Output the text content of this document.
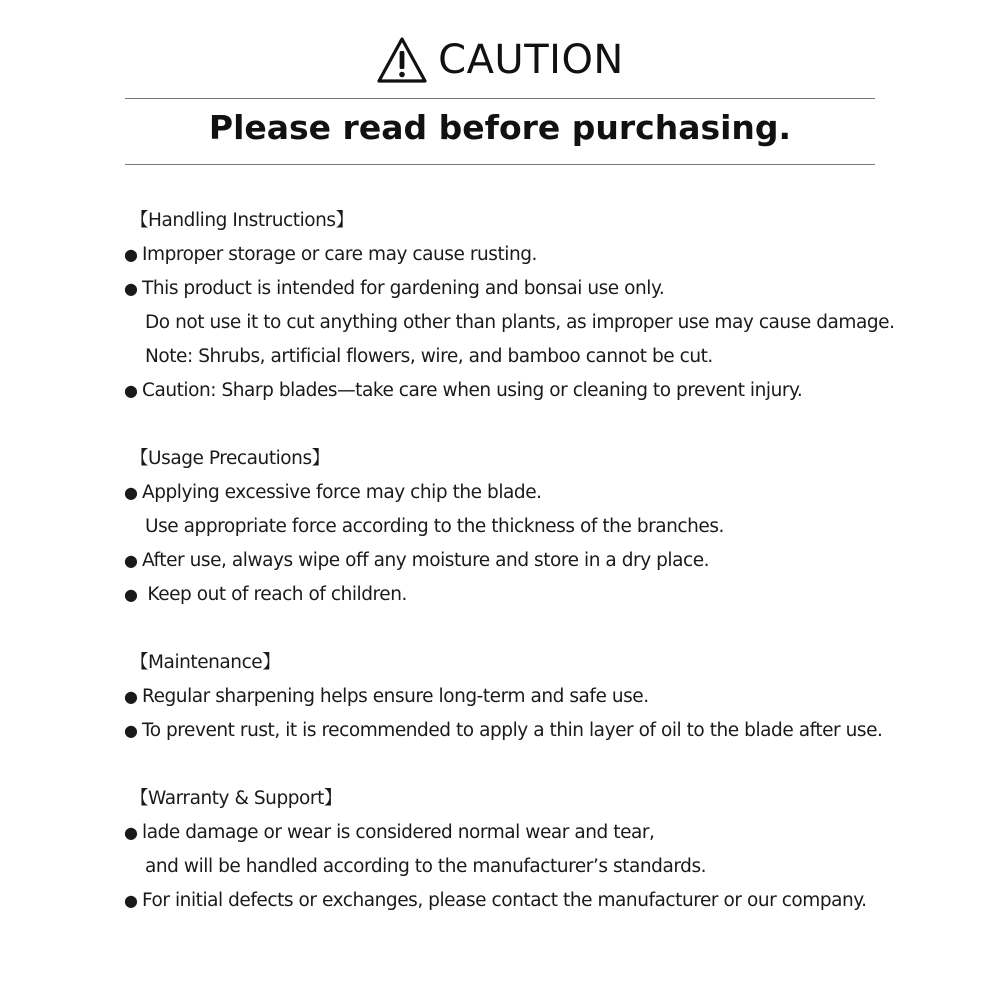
CAUTION
Please read before purchasing.
【Handling Instructions】
● Improper storage or care may cause rusting.
● This product is intended for gardening and bonsai use only.
Do not use it to cut anything other than plants, as improper use may cause damage.
Note: Shrubs, artificial flowers, wire, and bamboo cannot be cut.
● Caution: Sharp blades—take care when using or cleaning to prevent injury.
【Usage Precautions】
● Applying excessive force may chip the blade.
Use appropriate force according to the thickness of the branches.
● After use, always wipe off any moisture and store in a dry place.
● Keep out of reach of children.
【Maintenance】
● Regular sharpening helps ensure long-term and safe use.
● To prevent rust, it is recommended to apply a thin layer of oil to the blade after use.
【Warranty & Support】
● lade damage or wear is considered normal wear and tear,
and will be handled according to the manufacturer’s standards.
● For initial defects or exchanges, please contact the manufacturer or our company.
